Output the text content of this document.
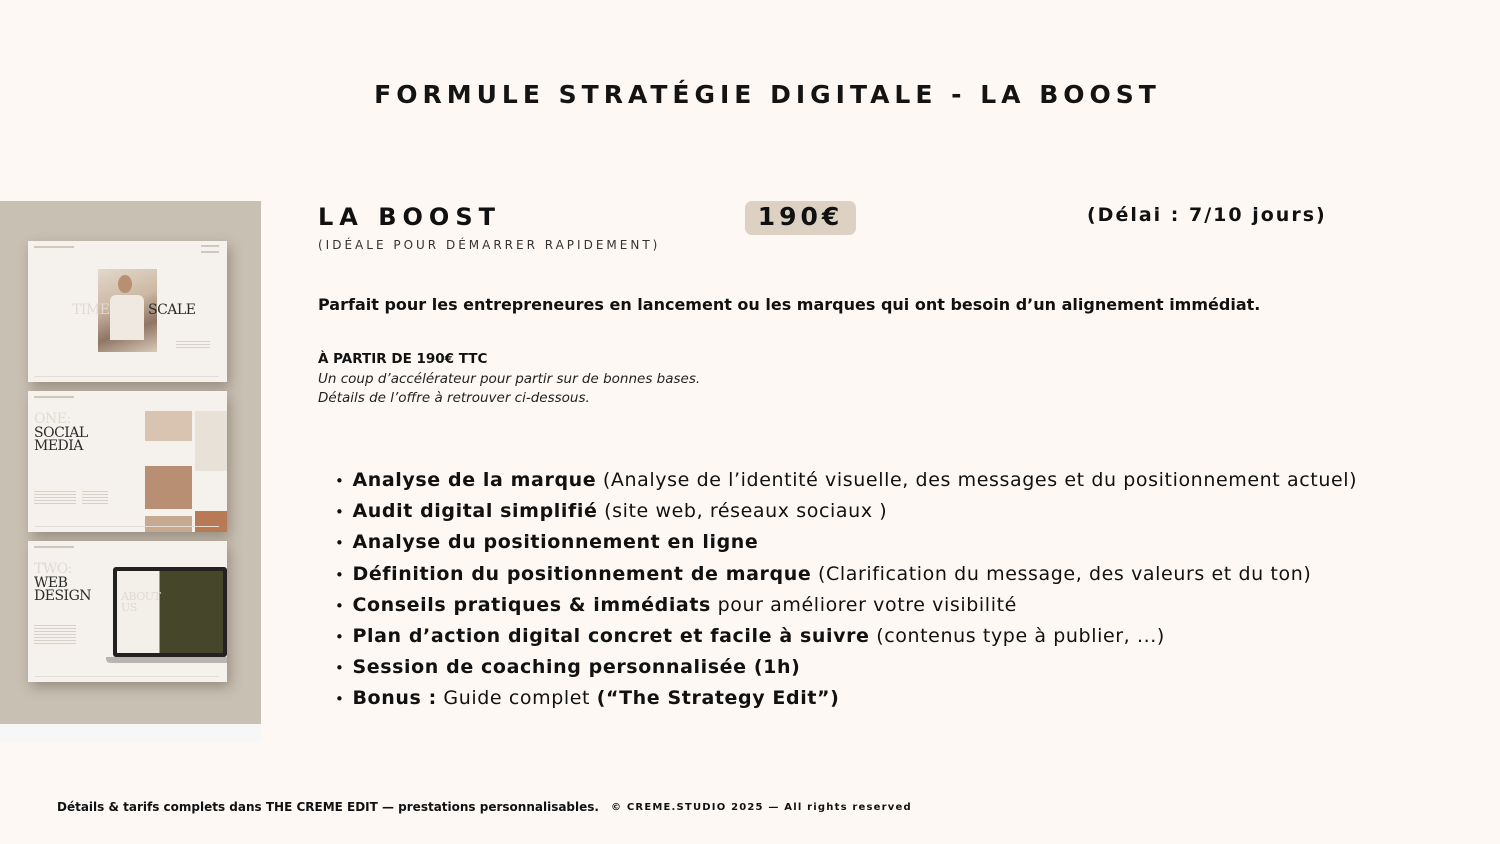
FORMULE STRATÉGIE DIGITALE - LA BOOST
TIME	SCALE
ONE:
SOCIAL
MEDIA
TWO:
WEB
DESIGN	ABOUT US
LA BOOST
(IDÉALE POUR DÉMARRER RAPIDEMENT)
190€	(Délai : 7/10 jours)

Parfait pour les entrepreneures en lancement ou les marques qui ont besoin d’un alignement immédiat.

À PARTIR DE 190€ TTC

Un coup d’accélérateur pour partir sur de bonnes bases.

Détails de l’offre à retrouver ci-dessous.

• Analyse de la marque (Analyse de l’identité visuelle, des messages et du positionnement actuel)
• Audit digital simplifié (site web, réseaux sociaux )
• Analyse du positionnement en ligne
• Définition du positionnement de marque (Clarification du message, des valeurs et du ton)
• Conseils pratiques & immédiats pour améliorer votre visibilité
• Plan d’action digital concret et facile à suivre (contenus type à publier, ...)
• Session de coaching personnalisée (1h)
• Bonus : Guide complet (“The Strategy Edit”)
Détails & tarifs complets dans THE CREME EDIT — prestations personnalisables. © CREME.STUDIO 2025 — All rights reserved
